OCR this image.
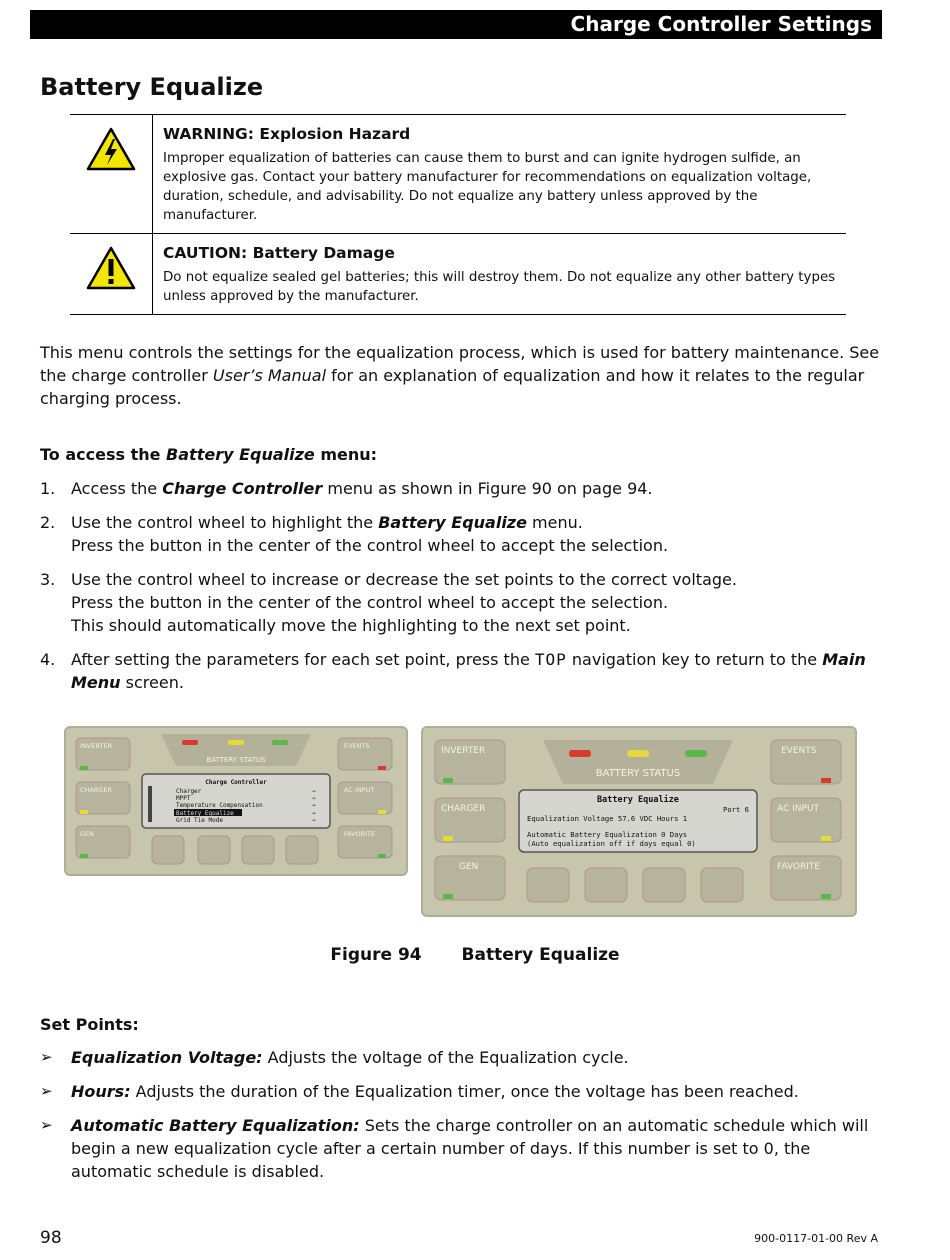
Charge Controller Settings
Battery Equalize
WARNING: Explosion Hazard
Improper equalization of batteries can cause them to burst and can ignite hydrogen sulfide, an explosive gas. Contact your battery manufacturer for recommendations on equalization voltage, duration, schedule, and advisability. Do not equalize any battery unless approved by the manufacturer.
CAUTION: Battery Damage
Do not equalize sealed gel batteries; this will destroy them. Do not equalize any other battery types unless approved by the manufacturer.

This menu controls the settings for the equalization process, which is used for battery maintenance. See the charge controller User’s Manual for an explanation of equalization and how it relates to the regular charging process.

To access the Battery Equalize menu:

1. Access the Charge Controller menu as shown in Figure 90 on page 94.
2. Use the control wheel to highlight the Battery Equalize menu.
Press the button in the center of the control wheel to accept the selection.
3. Use the control wheel to increase or decrease the set points to the correct voltage.
Press the button in the center of the control wheel to accept the selection.
This should automatically move the highlighting to the next set point.
4. After setting the parameters for each set point, press the TOP navigation key to return to the Main Menu screen.
BATTERY STATUS
INVERTER
CHARGER
GEN
EVENTS
AC INPUT
FAVORITE
Charge Controller
Charger
MPPT
Temperature Compensation
Battery Equalize
Grid Tie Mode
⇒
⇒
⇒
⇒
⇒
BATTERY STATUS
INVERTER
CHARGER
GEN
EVENTS
AC INPUT
FAVORITE
Battery Equalize
Port 6
Equalization Voltage 57.6 VDC Hours 1
Automatic Battery Equalization 0 Days
(Auto equalization off if days equal 0)
Figure 94 Battery Equalize

Set Points:

➢ Equalization Voltage: Adjusts the voltage of the Equalization cycle.
➢ Hours: Adjusts the duration of the Equalization timer, once the voltage has been reached.
➢ Automatic Battery Equalization: Sets the charge controller on an automatic schedule which will begin a new equalization cycle after a certain number of days. If this number is set to 0, the automatic schedule is disabled.
98	900-0117-01-00 Rev A
